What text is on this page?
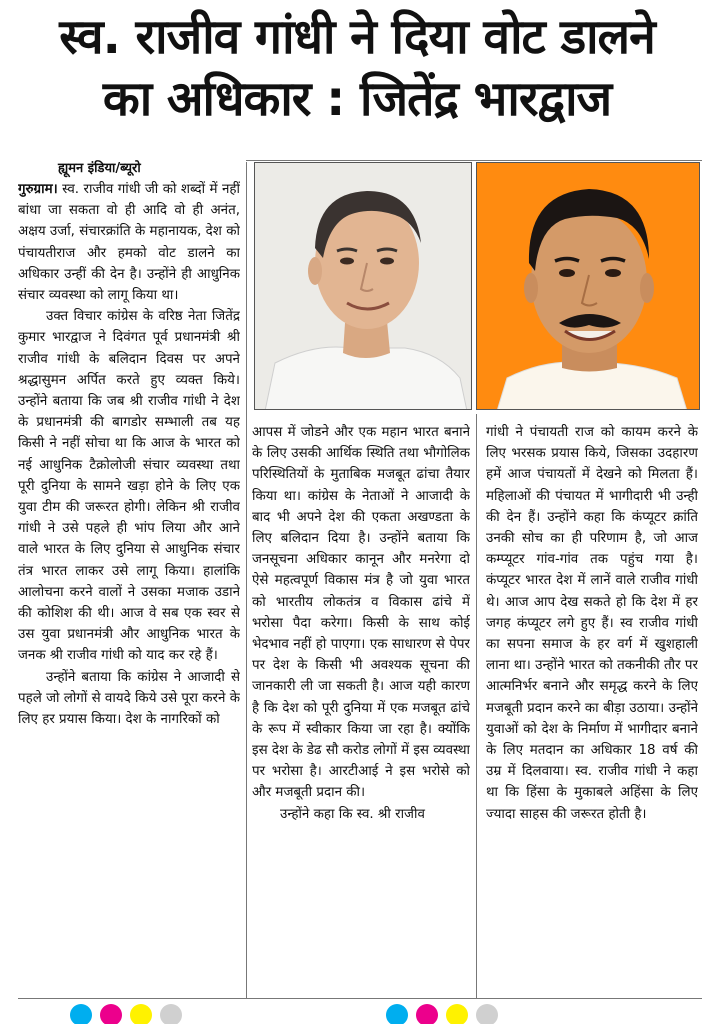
स्व. राजीव गांधी ने दिया वोट डालने
का अधिकार : जितेंद्र भारद्वाज
ह्यूमन इंडिया/ब्यूरो

गुरुग्राम। स्व. राजीव गांधी जी को शब्दों में नहीं बांधा जा सकता वो ही आदि वो ही अनंत, अक्षय उर्जा, संचारक्रांति के महानायक, देश को पंचायतीराज और हमको वोट डालने का अधिकार उन्हीं की देन है। उन्होंने ही आधुनिक संचार व्यवस्था को लागू किया था।

उक्त विचार कांग्रेस के वरिष्ठ नेता जितेंद्र कुमार भारद्वाज ने दिवंगत पूर्व प्रधानमंत्री श्री राजीव गांधी के बलिदान दिवस पर अपने श्रद्धासुमन अर्पित करते हुए व्यक्त किये। उन्होंने बताया कि जब श्री राजीव गांधी ने देश के प्रधानमंत्री की बागडोर सम्भाली तब यह किसी ने नहीं सोचा था कि आज के भारत को नई आधुनिक टैक्रोलोजी संचार व्यवस्था तथा पूरी दुनिया के सामने खड़ा होने के लिए एक युवा टीम की जरूरत होगी। लेकिन श्री राजीव गांधी ने उसे पहले ही भांप लिया और आने वाले भारत के लिए दुनिया से आधुनिक संचार तंत्र भारत लाकर उसे लागू किया। हालांकि आलोचना करने वालों ने उसका मजाक उडाने की कोशिश की थी। आज वे सब एक स्वर से उस युवा प्रधानमंत्री और आधुनिक भारत के जनक श्री राजीव गांधी को याद कर रहे हैं।

उन्होंने बताया कि कांग्रेस ने आजादी से पहले जो लोगों से वायदे किये उसे पूरा करने के लिए हर प्रयास किया। देश के नागरिकों को

आपस में जोडने और एक महान भारत बनाने के लिए उसकी आर्थिक स्थिति तथा भौगोलिक परिस्थितियों के मुताबिक मजबूत ढांचा तैयार किया था। कांग्रेस के नेताओं ने आजादी के बाद भी अपने देश की एकता अखण्डता के लिए बलिदान दिया है। उन्होंने बताया कि जनसूचना अधिकार कानून और मनरेगा दो ऐसे महत्वपूर्ण विकास मंत्र है जो युवा भारत को भारतीय लोकतंत्र व विकास ढांचे में भरोसा पैदा करेगा। किसी के साथ कोई भेदभाव नहीं हो पाएगा। एक साधारण से पेपर पर देश के किसी भी अवश्यक सूचना की जानकारी ली जा सकती है। आज यही कारण है कि देश को पूरी दुनिया में एक मजबूत ढांचे के रूप में स्वीकार किया जा रहा है। क्योंकि इस देश के डेढ सौ करोड लोगों में इस व्यवस्था पर भरोसा है। आरटीआई ने इस भरोसे को और मजबूती प्रदान की।

उन्होंने कहा कि स्व. श्री राजीव

गांधी ने पंचायती राज को कायम करने के लिए भरसक प्रयास किये, जिसका उदहारण हमें आज पंचायतों में देखने को मिलता हैं। महिलाओं की पंचायत में भागीदारी भी उन्ही की देन हैं। उन्होंने कहा कि कंप्यूटर क्रांति उनकी सोच का ही परिणाम है, जो आज कम्प्यूटर गांव-गांव तक पहुंच गया है। कंप्यूटर भारत देश में लानें वाले राजीव गांधी थे। आज आप देख सकते हो कि देश में हर जगह कंप्यूटर लगे हुए हैं। स्व राजीव गांधी का सपना समाज के हर वर्ग में खुशहाली लाना था। उन्होंने भारत को तकनीकी तौर पर आत्मनिर्भर बनाने और समृद्ध करने के लिए मजबूती प्रदान करने का बीड़ा उठाया। उन्होंने युवाओं को देश के निर्माण में भागीदार बनाने के लिए मतदान का अधिकार 18 वर्ष की उम्र में दिलवाया। स्व. राजीव गांधी ने कहा था कि हिंसा के मुकाबले अहिंसा के लिए ज्यादा साहस की जरूरत होती है।
